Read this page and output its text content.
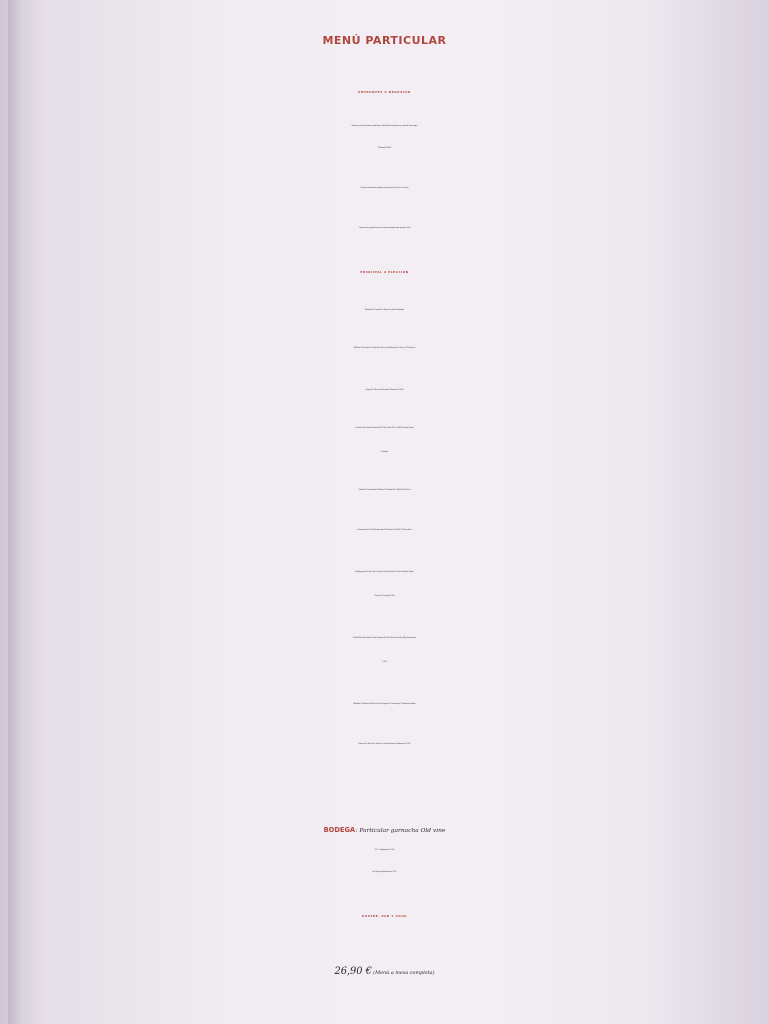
MENÚ PARTICULAR
ENTRANTES A DEGUSTAR
Tomate rosa, bonito frito escabechado, cebolla dulce de fuentes y aceite de oliva virgen
“Hacienda El Palo”
Tarterica de lentejas estofadas con morcilla de Graus a la brasa
Carpaccio de gamba blanca con sésamo tostado sobre pan de cristal
PRINCIPAL A ELECCIÓN
Solomillo De Cerdo A La Brasa Con Salsa Roquefort
LÁMinas De Secreto De Cerdo A La Brasa Con Mahonesa De Curry Y Chimichurri
Conejo A La Brasa Con Aceite De Romero Y Ali-Oli
Carrillera De Cerdo Glaseada 24H Al Vino Tinto D.O. CariÑEÑa Sobre Patata
Confitada
Codillo De Cerdo Asado Al Horno Y Glaseado A La Miel Con Chucrut
Contramuslo De Pollo Deshuesado A La Brasa Con Ali-Oli Y Chimichurri
Hamburguesa De Vaca A La Brasa En Pan Brioche Con Salsa Cheddar, Brotes
Tiernos De Lechuga Y Bbq
Costilla De Cerdo Asada En Dos Tiempos Al Estilo Bako Con Salsa BBq (Suplemento
5,00€)
Medallon De Merluza Al Horno Con Vinagreta De Chardonnay Y Verduritas Asadas
Entrecot De Vaca A La Brasa Con Salsa Romescu (Suplemento 6,00€)
BODEGA : Particular garnacha Old vine
8.0.1. (Suplemento 6,50€)
Las Margas (Suplemento 6,50€)
POSTRE, PAN Y AGUA
26,90 € (Menú a mesa completa)
